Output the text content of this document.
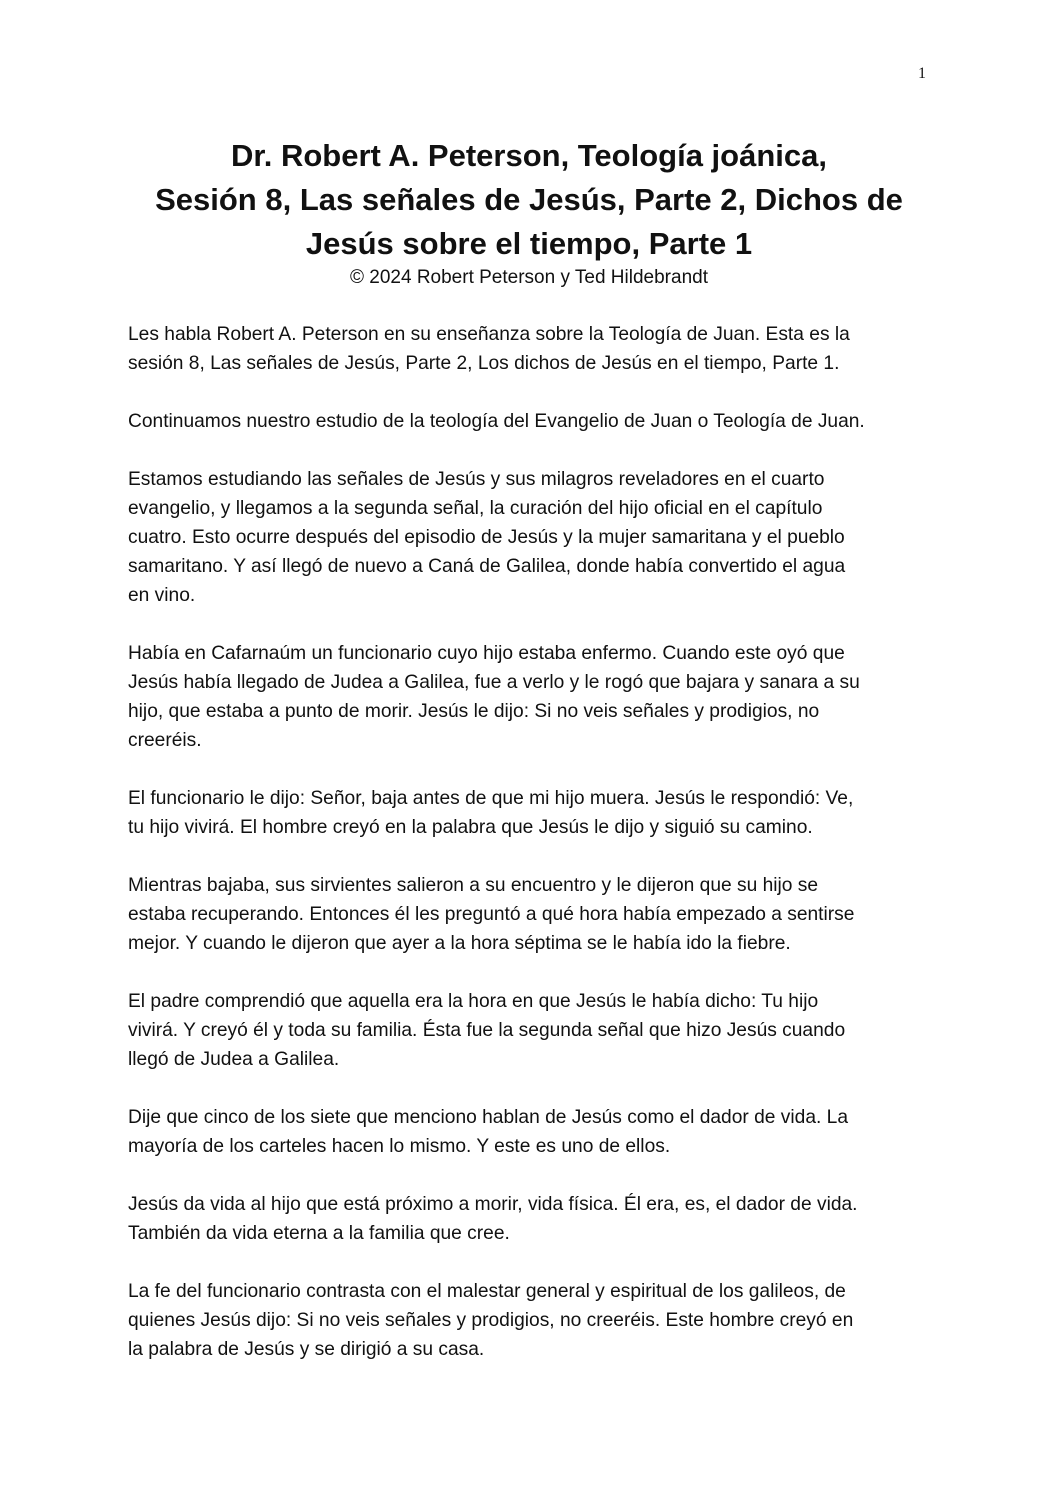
1
Dr. Robert A. Peterson, Teología joánica,
Sesión 8, Las señales de Jesús, Parte 2, Dichos de
Jesús sobre el tiempo, Parte 1
© 2024 Robert Peterson y Ted Hildebrandt
Les habla Robert A. Peterson en su enseñanza sobre la Teología de Juan. Esta es la
sesión 8, Las señales de Jesús, Parte 2, Los dichos de Jesús en el tiempo, Parte 1.
Continuamos nuestro estudio de la teología del Evangelio de Juan o Teología de Juan.
Estamos estudiando las señales de Jesús y sus milagros reveladores en el cuarto
evangelio, y llegamos a la segunda señal, la curación del hijo oficial en el capítulo
cuatro. Esto ocurre después del episodio de Jesús y la mujer samaritana y el pueblo
samaritano. Y así llegó de nuevo a Caná de Galilea, donde había convertido el agua
en vino.
Había en Cafarnaúm un funcionario cuyo hijo estaba enfermo. Cuando este oyó que
Jesús había llegado de Judea a Galilea, fue a verlo y le rogó que bajara y sanara a su
hijo, que estaba a punto de morir. Jesús le dijo: Si no veis señales y prodigios, no
creeréis.
El funcionario le dijo: Señor, baja antes de que mi hijo muera. Jesús le respondió: Ve,
tu hijo vivirá. El hombre creyó en la palabra que Jesús le dijo y siguió su camino.
Mientras bajaba, sus sirvientes salieron a su encuentro y le dijeron que su hijo se
estaba recuperando. Entonces él les preguntó a qué hora había empezado a sentirse
mejor. Y cuando le dijeron que ayer a la hora séptima se le había ido la fiebre.
El padre comprendió que aquella era la hora en que Jesús le había dicho: Tu hijo
vivirá. Y creyó él y toda su familia. Ésta fue la segunda señal que hizo Jesús cuando
llegó de Judea a Galilea.
Dije que cinco de los siete que menciono hablan de Jesús como el dador de vida. La
mayoría de los carteles hacen lo mismo. Y este es uno de ellos.
Jesús da vida al hijo que está próximo a morir, vida física. Él era, es, el dador de vida.
También da vida eterna a la familia que cree.
La fe del funcionario contrasta con el malestar general y espiritual de los galileos, de
quienes Jesús dijo: Si no veis señales y prodigios, no creeréis. Este hombre creyó en
la palabra de Jesús y se dirigió a su casa.
